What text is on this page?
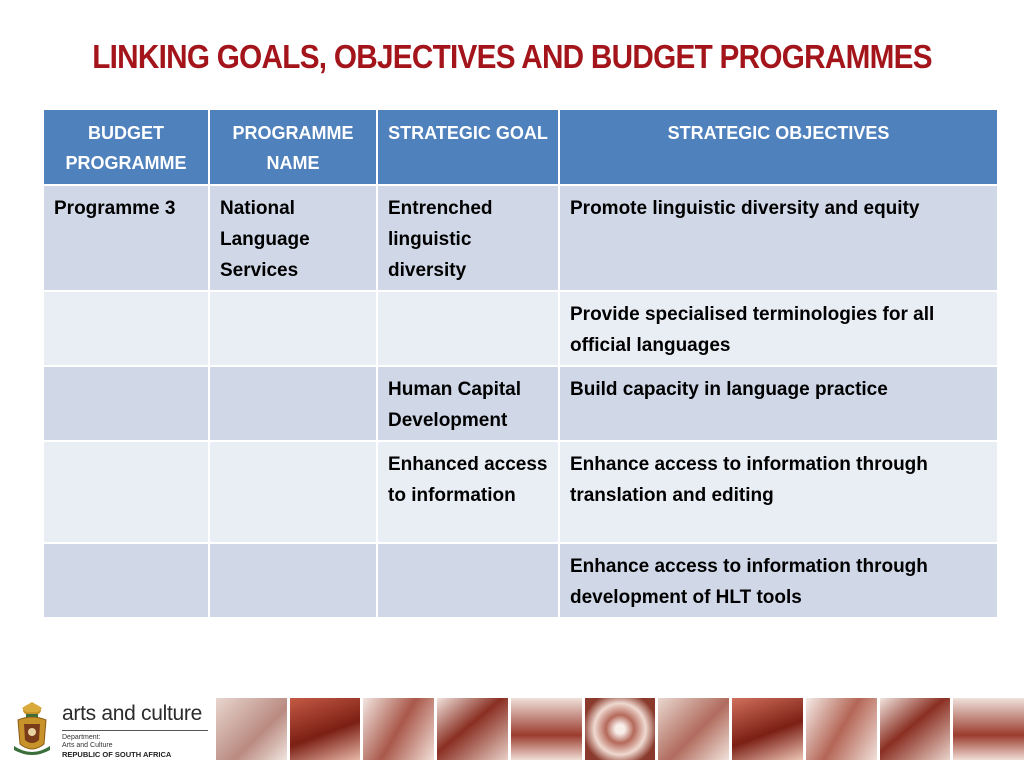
LINKING GOALS, OBJECTIVES AND BUDGET PROGRAMMES
BUDGET PROGRAMME	PROGRAMME NAME	STRATEGIC GOAL	STRATEGIC OBJECTIVES
Programme 3	National Language Services	Entrenched linguistic diversity	Promote linguistic diversity and equity
			Provide specialised terminologies for all official languages
		Human Capital Development	Build capacity in language practice
		Enhanced access to information	Enhance access to information through translation and editing
			Enhance access to information through development of HLT tools
arts and culture
Department:
Arts and Culture
REPUBLIC OF SOUTH AFRICA
